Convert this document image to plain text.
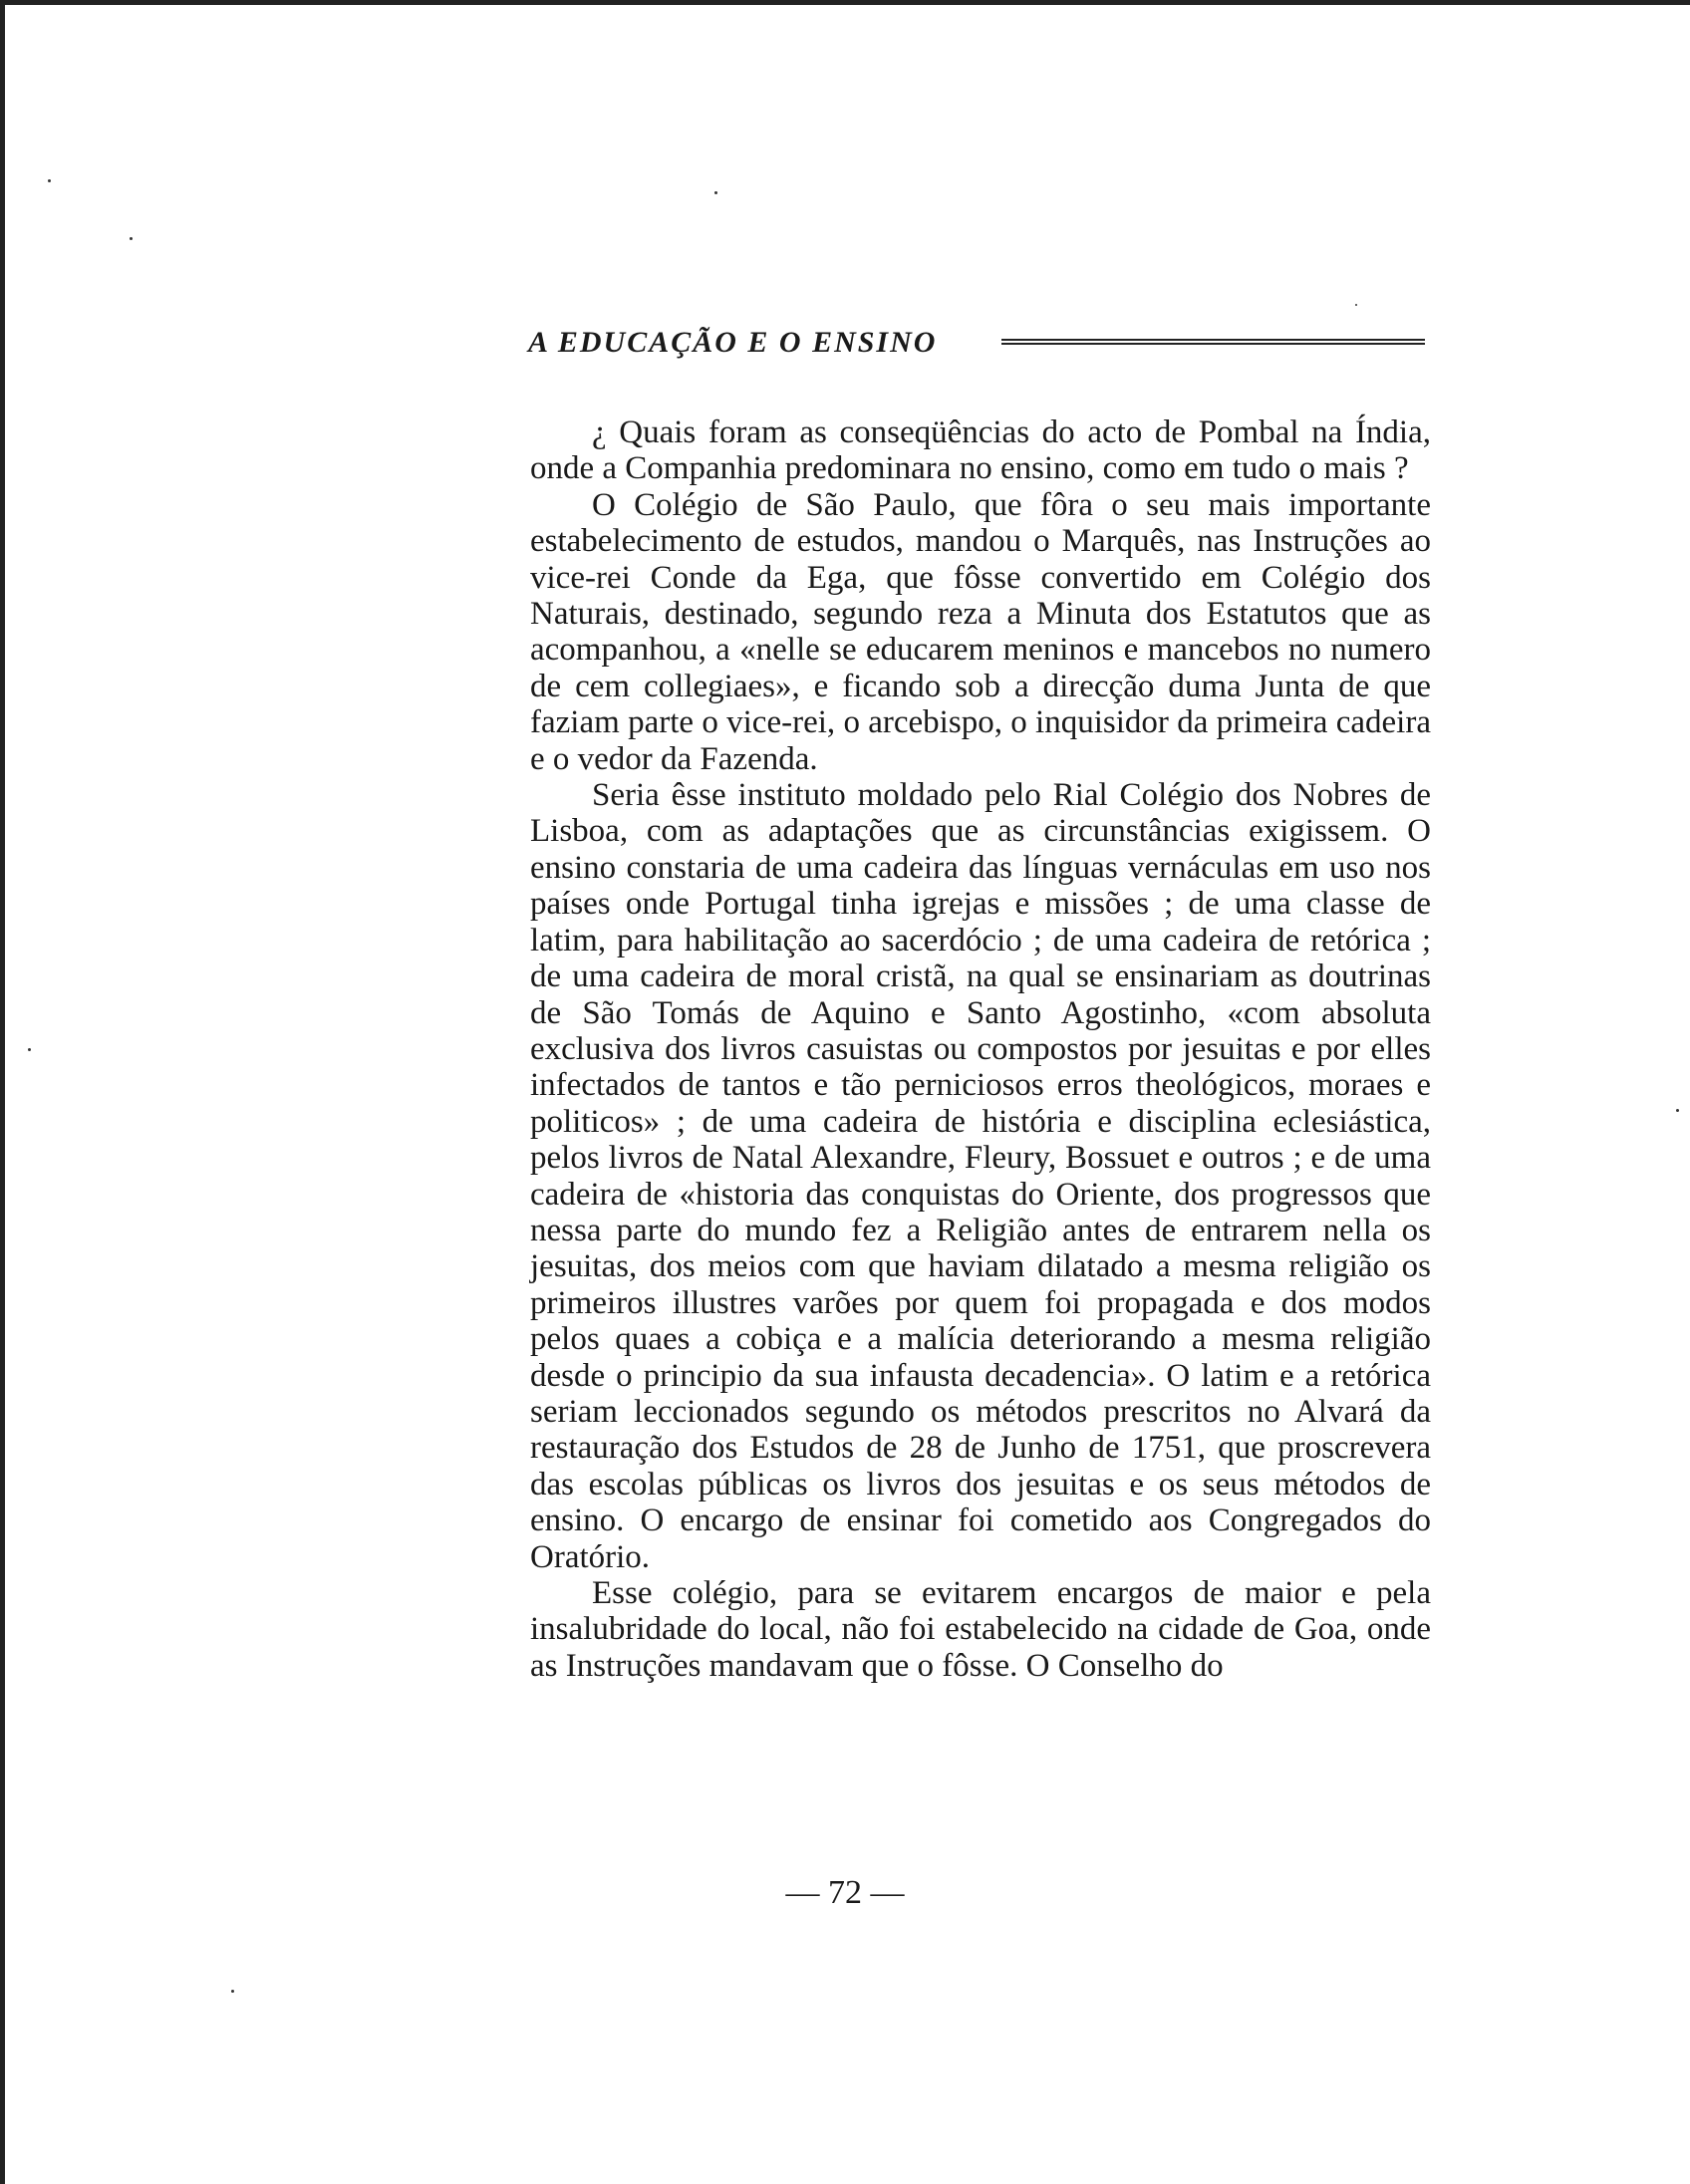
A EDUCAÇÃO E O ENSINO

¿ Quais foram as conseqüências do acto de Pombal na Índia, onde a Companhia predominara no ensino, como em tudo o mais ?

O Colégio de São Paulo, que fôra o seu mais importante estabelecimento de estudos, mandou o Marquês, nas Instruções ao vice-rei Conde da Ega, que fôsse convertido em Colégio dos Naturais, destinado, segundo reza a Minuta dos Estatutos que as acompanhou, a «nelle se educarem meninos e mancebos no numero de cem collegiaes», e ficando sob a direcção duma Junta de que faziam parte o vice-rei, o arcebispo, o inquisidor da primeira cadeira e o vedor da Fazenda.

Seria êsse instituto moldado pelo Rial Colégio dos Nobres de Lisboa, com as adaptações que as circunstâncias exigissem. O ensino constaria de uma cadeira das línguas vernáculas em uso nos países onde Portugal tinha igrejas e missões ; de uma classe de latim, para habilitação ao sacerdócio ; de uma cadeira de retórica ; de uma cadeira de moral cristã, na qual se ensinariam as doutrinas de São Tomás de Aquino e Santo Agostinho, «com absoluta exclusiva dos livros casuistas ou compostos por jesuitas e por elles infectados de tantos e tão perniciosos erros theológicos, moraes e politicos» ; de uma cadeira de história e disciplina eclesiástica, pelos livros de Natal Alexandre, Fleury, Bossuet e outros ; e de uma cadeira de «historia das conquistas do Oriente, dos progressos que nessa parte do mundo fez a Religião antes de entrarem nella os jesuitas, dos meios com que haviam dilatado a mesma religião os primeiros illustres varões por quem foi propagada e dos modos pelos quaes a cobiça e a malícia deteriorando a mesma religião desde o principio da sua infausta decadencia». O latim e a retórica seriam leccionados segundo os métodos prescritos no Alvará da restauração dos Estudos de 28 de Junho de 1751, que proscrevera das escolas públicas os livros dos jesuitas e os seus métodos de ensino. O encargo de ensinar foi cometido aos Congregados do Oratório.

Esse colégio, para se evitarem encargos de maior e pela insalubridade do local, não foi estabelecido na cidade de Goa, onde as Instruções mandavam que o fôsse. O Conselho do

— 72 —
